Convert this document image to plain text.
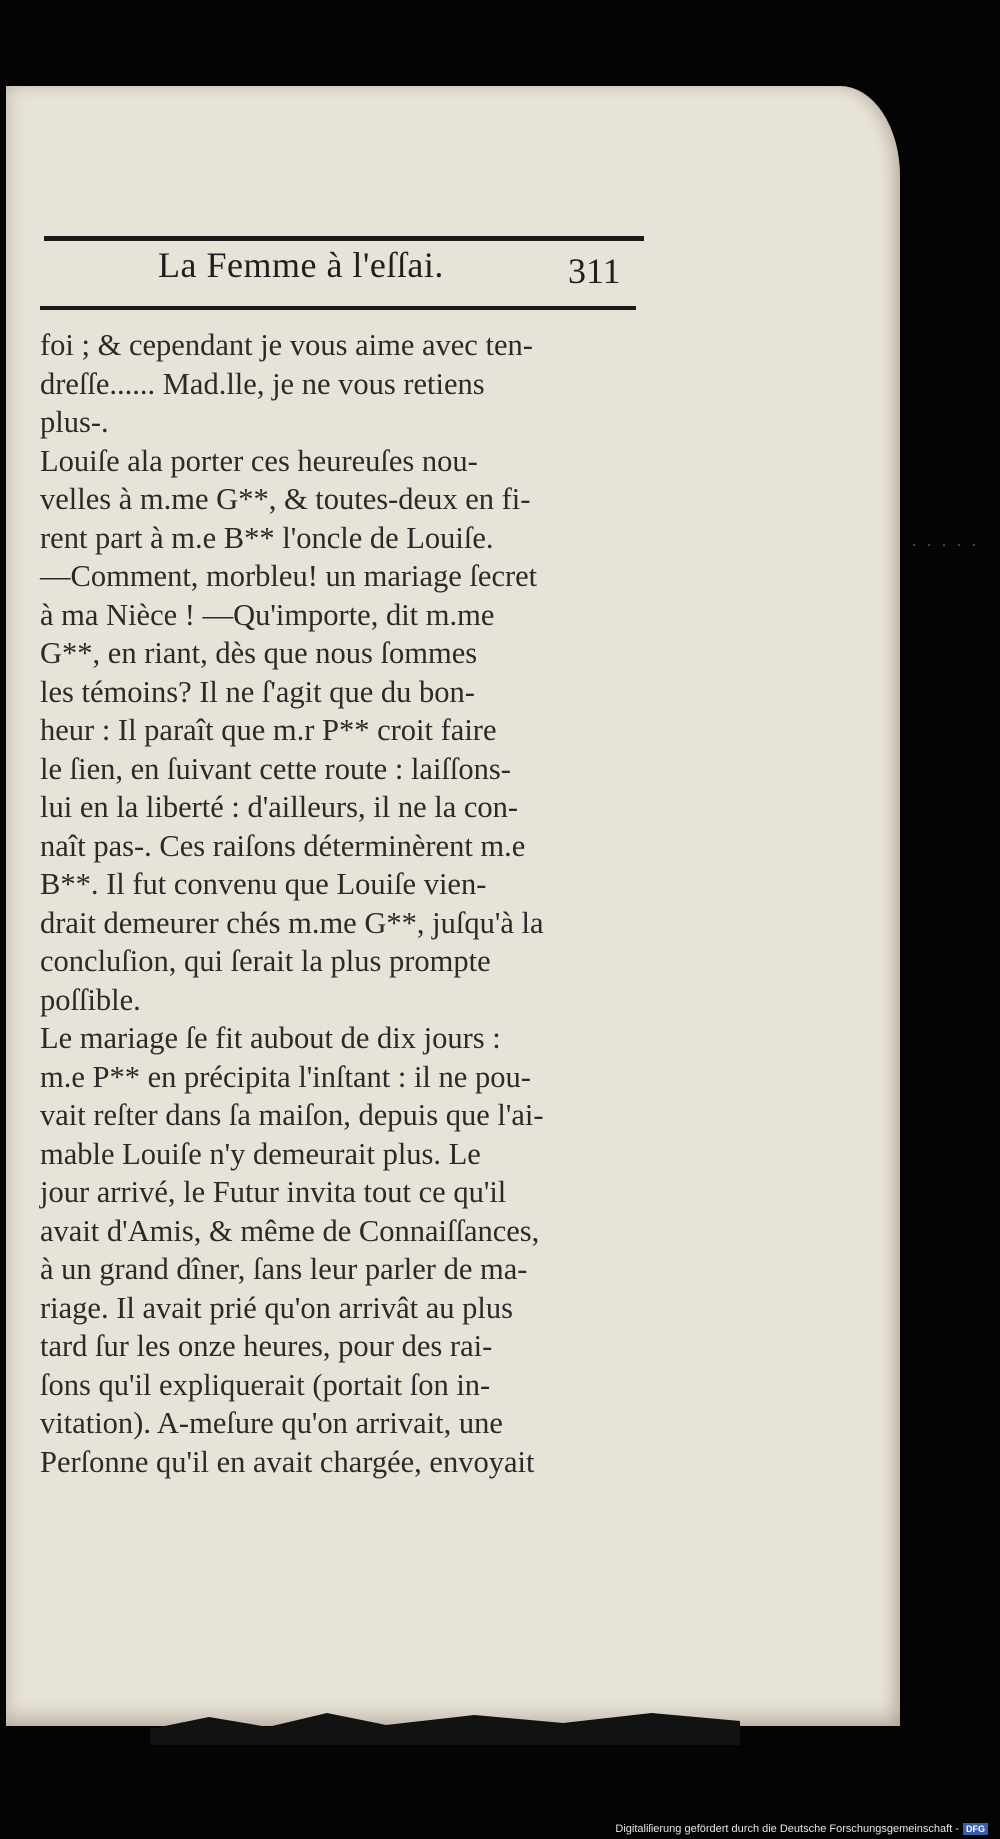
La Femme à l'eſſai.	311
· · · · ·
foi ; & cependant je vous aime avec ten-
dreſſe...... Mad.lle, je ne vous retiens
plus-.
Louiſe ala porter ces heureuſes nou-
velles à m.me G**, & toutes-deux en fi-
rent part à m.e B** l'oncle de Louiſe.
—Comment, morbleu! un mariage ſecret
à ma Nièce ! —Qu'importe, dit m.me
G**, en riant, dès que nous ſommes
les témoins? Il ne ſ'agit que du bon-
heur : Il paraît que m.r P** croit faire
le ſien, en ſuivant cette route : laiſſons-
lui en la liberté : d'ailleurs, il ne la con-
naît pas-. Ces raiſons déterminèrent m.e
B**. Il fut convenu que Louiſe vien-
drait demeurer chés m.me G**, juſqu'à la
concluſion, qui ſerait la plus prompte
poſſible.
Le mariage ſe fit aubout de dix jours :
m.e P** en précipita l'inſtant : il ne pou-
vait reſter dans ſa maiſon, depuis que l'ai-
mable Louiſe n'y demeurait plus. Le
jour arrivé, le Futur invita tout ce qu'il
avait d'Amis, & même de Connaiſſances,
à un grand dîner, ſans leur parler de ma-
riage. Il avait prié qu'on arrivât au plus
tard ſur les onze heures, pour des rai-
ſons qu'il expliquerait (portait ſon in-
vitation). A-meſure qu'on arrivait, une
Perſonne qu'il en avait chargée, envoyait
Digitaliſierung gefördert durch die Deutsche Forschungsgemeinschaft - DFG
